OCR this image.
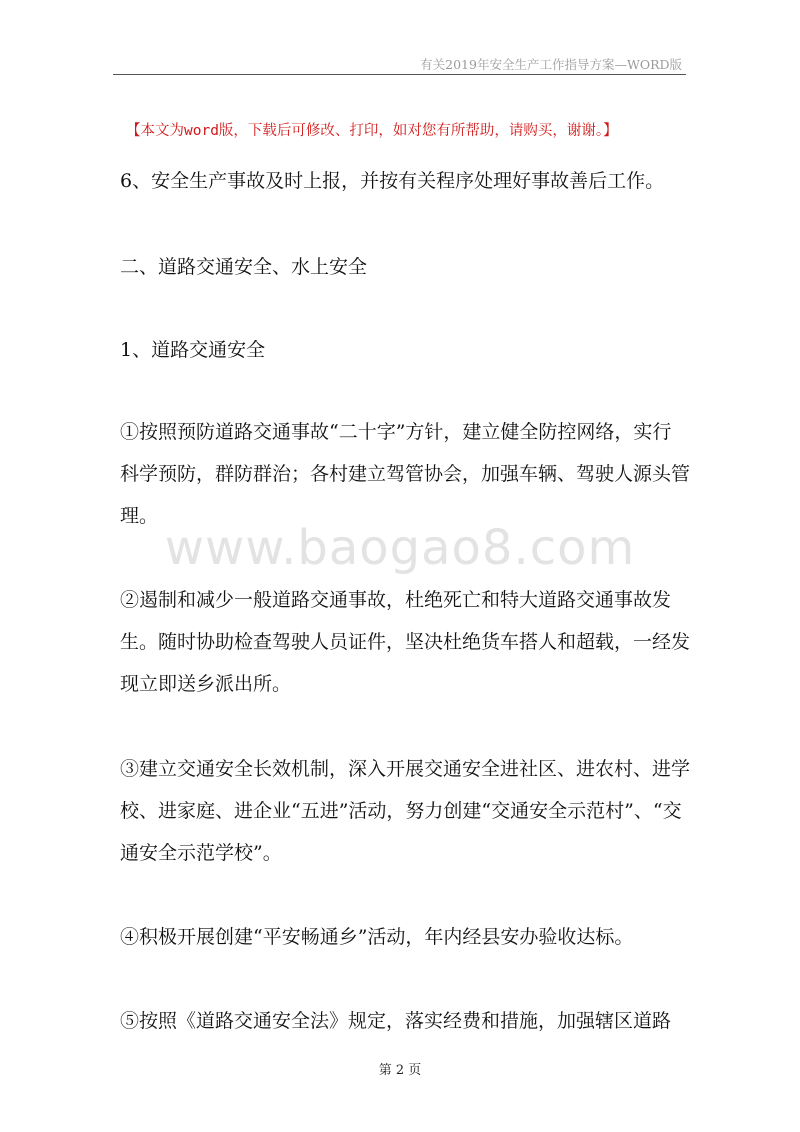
有关2019年安全生产工作指导方案—WORD版
【本文为word版，下载后可修改、打印，如对您有所帮助，请购买，谢谢。】
6、安全生产事故及时上报，并按有关程序处理好事故善后工作。
二、道路交通安全、水上安全
1、道路交通安全
①按照预防道路交通事故“二十字”方针，建立健全防控网络，实行科学预防，群防群治；各村建立驾管协会，加强车辆、驾驶人源头管理。
www.baogao8.com
②遏制和减少一般道路交通事故，杜绝死亡和特大道路交通事故发生。随时协助检查驾驶人员证件，坚决杜绝货车搭人和超载，一经发现立即送乡派出所。
③建立交通安全长效机制，深入开展交通安全进社区、进农村、进学校、进家庭、进企业“五进”活动，努力创建“交通安全示范村”、“交通安全示范学校”。
④积极开展创建“平安畅通乡”活动，年内经县安办验收达标。
⑤按照《道路交通安全法》规定，落实经费和措施，加强辖区道路
第 2 页
